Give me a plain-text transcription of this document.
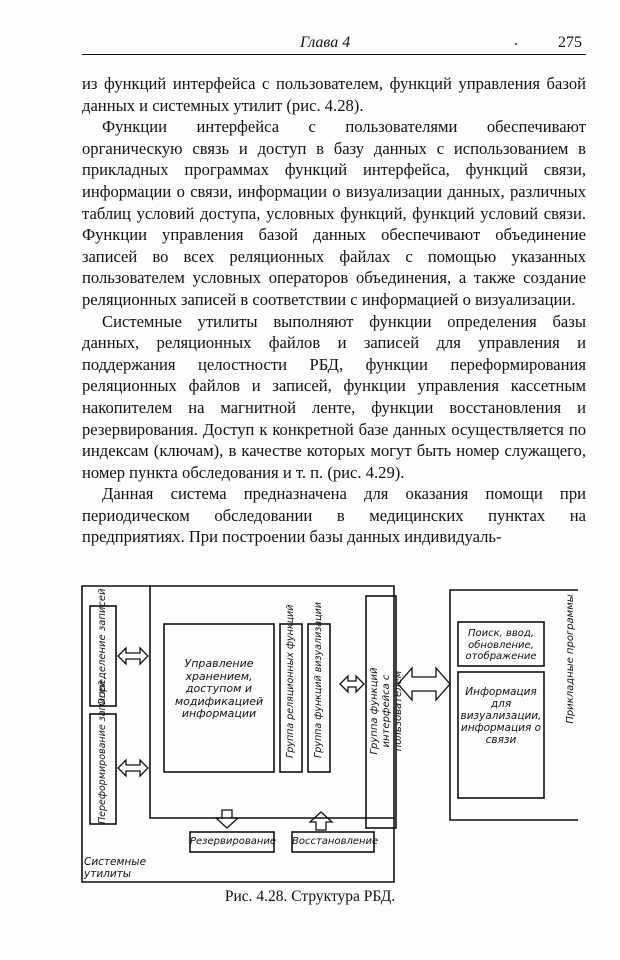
Глава 4	.	275

из функций интерфейса с пользователем, функций управления базой данных и системных утилит (рис. 4.28).

Функции интерфейса с пользователями обеспечивают органическую связь и доступ в базу данных с использованием в прикладных программах функций интерфейса, функций связи, информации о связи, информации о визуализации данных, различных таблиц условий доступа, условных функций, функций условий связи. Функции управления базой данных обеспечивают объединение записей во всех реляционных файлах с помощью указанных пользователем условных операторов объединения, а также создание реляционных записей в соответствии с информацией о визуализации.

Системные утилиты выполняют функции определения базы данных, реляционных файлов и записей для управления и поддержания целостности РБД, функции переформирования реляционных файлов и записей, функции управления кассетным накопителем на магнитной ленте, функции восстановления и резервирования. Доступ к конкретной базе данных осуществляется по индексам (ключам), в качестве которых могут быть номер служащего, номер пункта обследования и т. п. (рис. 4.29).

Данная система предназначена для оказания помощи при периодическом обследовании в медицинских пунктах на предприятиях. При построении базы данных индивидуаль-

Определение записей
Переформирование записей
Управление хранением, доступом и модификацией информации	Группа реляционных функций Группа функций визуализации	Группа функций интерфейса с пользователем
Поиск, ввод, обновление, отображение
Информация для визуализации, информация о связи
Прикладные программы
Системные утилиты
Резервирование Восстановление
Рис. 4.28. Структура РБД.
